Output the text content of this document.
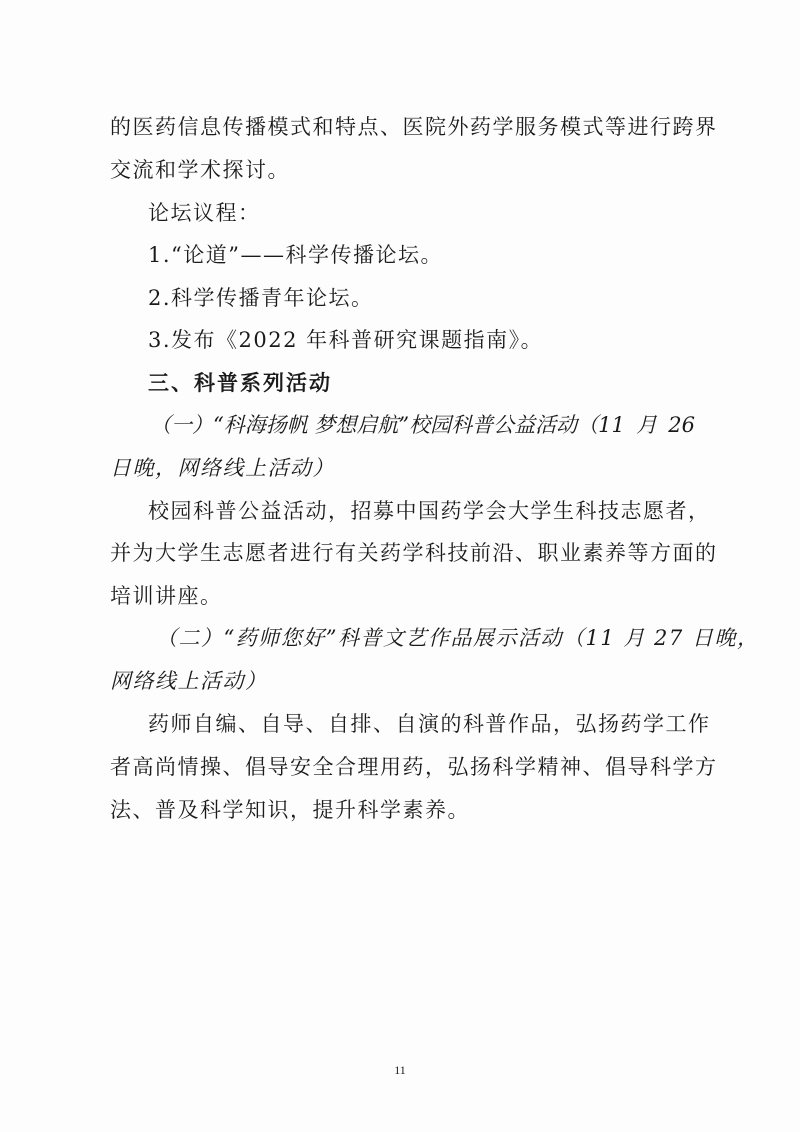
的医药信息传播模式和特点、医院外药学服务模式等进行跨界
交流和学术探讨。
论坛议程：
1.“论道”——科学传播论坛。
2.科学传播青年论坛。
3.发布《2022 年科普研究课题指南》。
三、科普系列活动
（一）“科海扬帆 梦想启航”校园科普公益活动（11 月 26
日晚，网络线上活动）
校园科普公益活动，招募中国药学会大学生科技志愿者，
并为大学生志愿者进行有关药学科技前沿、职业素养等方面的
培训讲座。
（二）“药师您好”科普文艺作品展示活动（11 月 27 日晚，
网络线上活动）
药师自编、自导、自排、自演的科普作品，弘扬药学工作
者高尚情操、倡导安全合理用药，弘扬科学精神、倡导科学方
法、普及科学知识，提升科学素养。
11
